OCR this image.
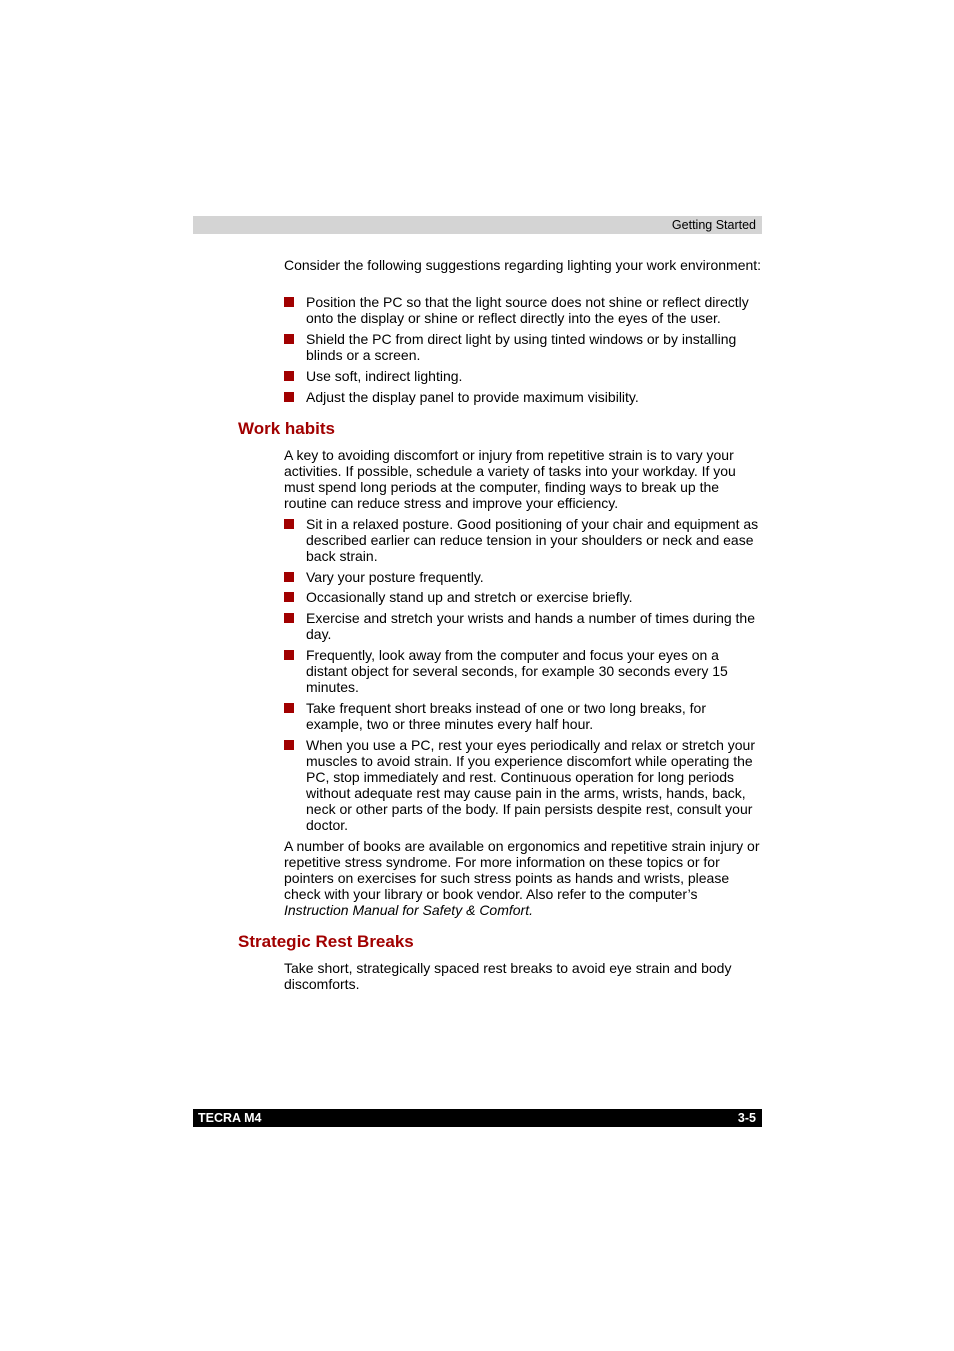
Getting Started

Consider the following suggestions regarding lighting your work environment:

Position the PC so that the light source does not shine or reflect directly onto the display or shine or reflect directly into the eyes of the user.
Shield the PC from direct light by using tinted windows or by installing blinds or a screen.
Use soft, indirect lighting.
Adjust the display panel to provide maximum visibility.
Work habits

A key to avoiding discomfort or injury from repetitive strain is to vary your activities. If possible, schedule a variety of tasks into your workday. If you must spend long periods at the computer, finding ways to break up the routine can reduce stress and improve your efficiency.

Sit in a relaxed posture. Good positioning of your chair and equipment as described earlier can reduce tension in your shoulders or neck and ease back strain.
Vary your posture frequently.
Occasionally stand up and stretch or exercise briefly.
Exercise and stretch your wrists and hands a number of times during the day.
Frequently, look away from the computer and focus your eyes on a distant object for several seconds, for example 30 seconds every 15 minutes.
Take frequent short breaks instead of one or two long breaks, for example, two or three minutes every half hour.
When you use a PC, rest your eyes periodically and relax or stretch your muscles to avoid strain. If you experience discomfort while operating the PC, stop immediately and rest. Continuous operation for long periods without adequate rest may cause pain in the arms, wrists, hands, back, neck or other parts of the body. If pain persists despite rest, consult your doctor.

A number of books are available on ergonomics and repetitive strain injury or repetitive stress syndrome. For more information on these topics or for pointers on exercises for such stress points as hands and wrists, please check with your library or book vendor. Also refer to the computer’s Instruction Manual for Safety & Comfort.

Strategic Rest Breaks

Take short, strategically spaced rest breaks to avoid eye strain and body discomforts.

TECRA M4	3-5
